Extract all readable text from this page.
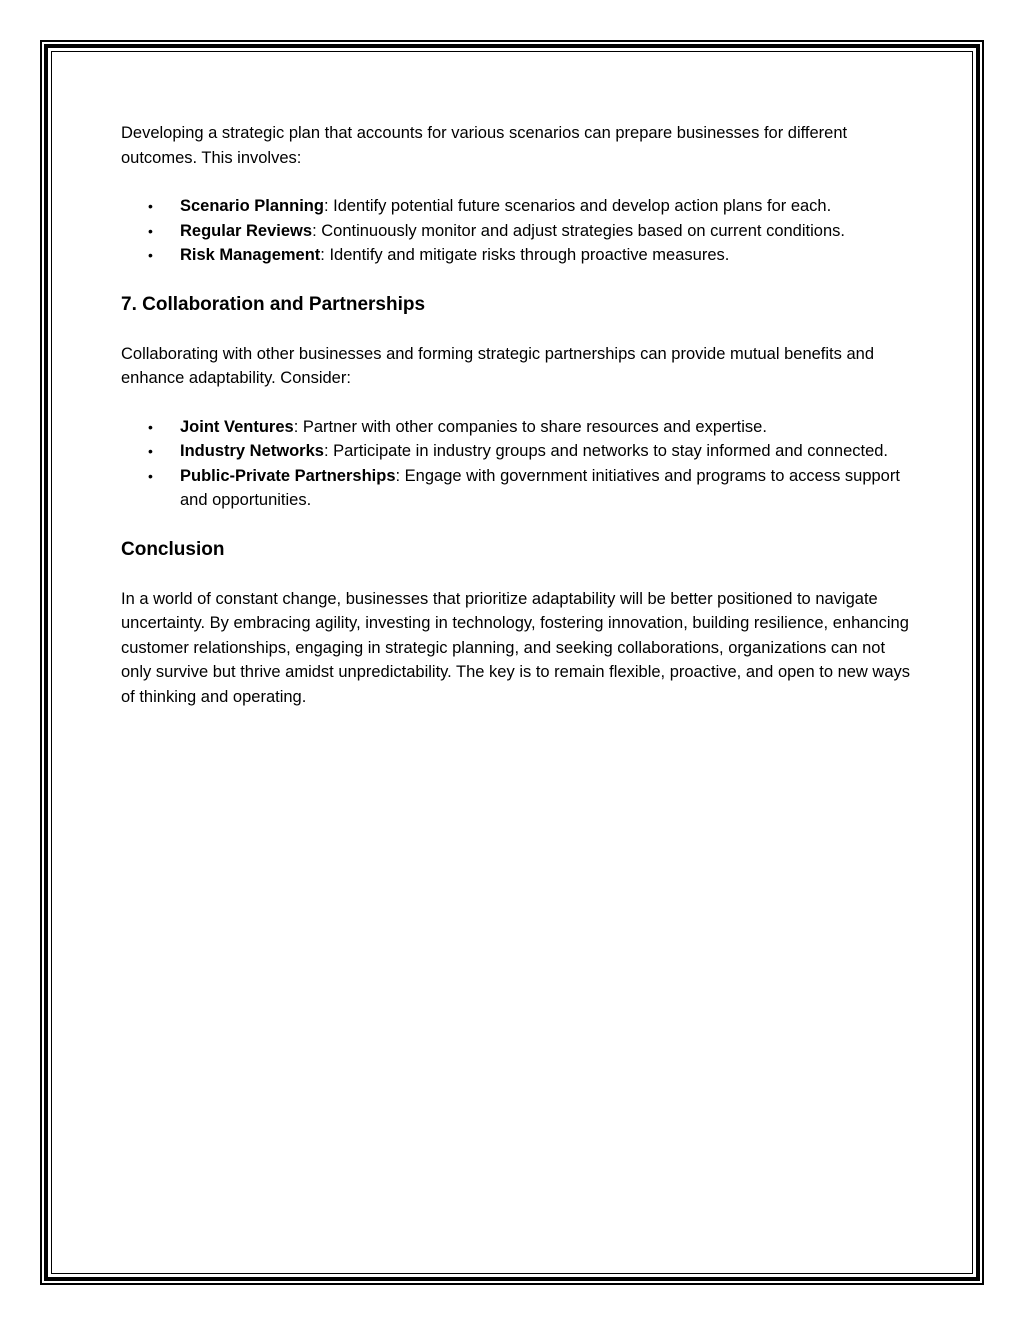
Developing a strategic plan that accounts for various scenarios can prepare businesses for different outcomes. This involves:

• Scenario Planning: Identify potential future scenarios and develop action plans for each.
• Regular Reviews: Continuously monitor and adjust strategies based on current conditions.
• Risk Management: Identify and mitigate risks through proactive measures.
7. Collaboration and Partnerships

Collaborating with other businesses and forming strategic partnerships can provide mutual benefits and enhance adaptability. Consider:

• Joint Ventures: Partner with other companies to share resources and expertise.
• Industry Networks: Participate in industry groups and networks to stay informed and connected.
• Public-Private Partnerships: Engage with government initiatives and programs to access support and opportunities.
Conclusion

In a world of constant change, businesses that prioritize adaptability will be better positioned to navigate uncertainty. By embracing agility, investing in technology, fostering innovation, building resilience, enhancing customer relationships, engaging in strategic planning, and seeking collaborations, organizations can not only survive but thrive amidst unpredictability. The key is to remain flexible, proactive, and open to new ways of thinking and operating.
